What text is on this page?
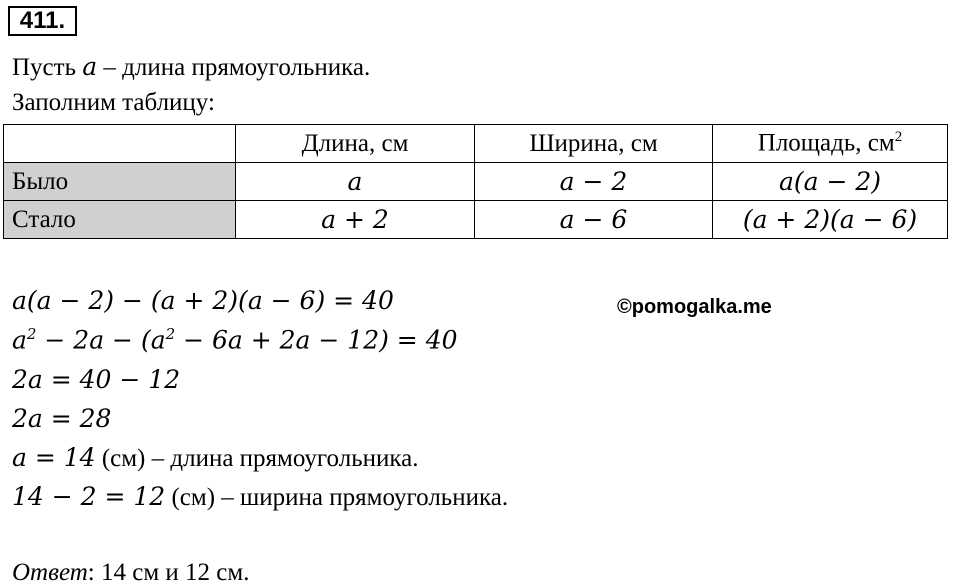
411.
Пусть a – длина прямоугольника.
Заполним таблицу:
	Длина, см	Ширина, см	Площадь, $см^2$
Было	a	a − 2	a(a − 2)
Стало	a + 2	a − 6	(a + 2)(a − 6)
a(a − 2) − (a + 2)(a − 6) = 40
$a^2 - 2a - (a^2 - 6a + 2a - 12) = 40$
2a = 40 − 12
2a = 28
a = 14 (см) – длина прямоугольника.
14 − 2 = 12 (см) – ширина прямоугольника.
©pomogalka.me
Ответ: 14 см и 12 см.
